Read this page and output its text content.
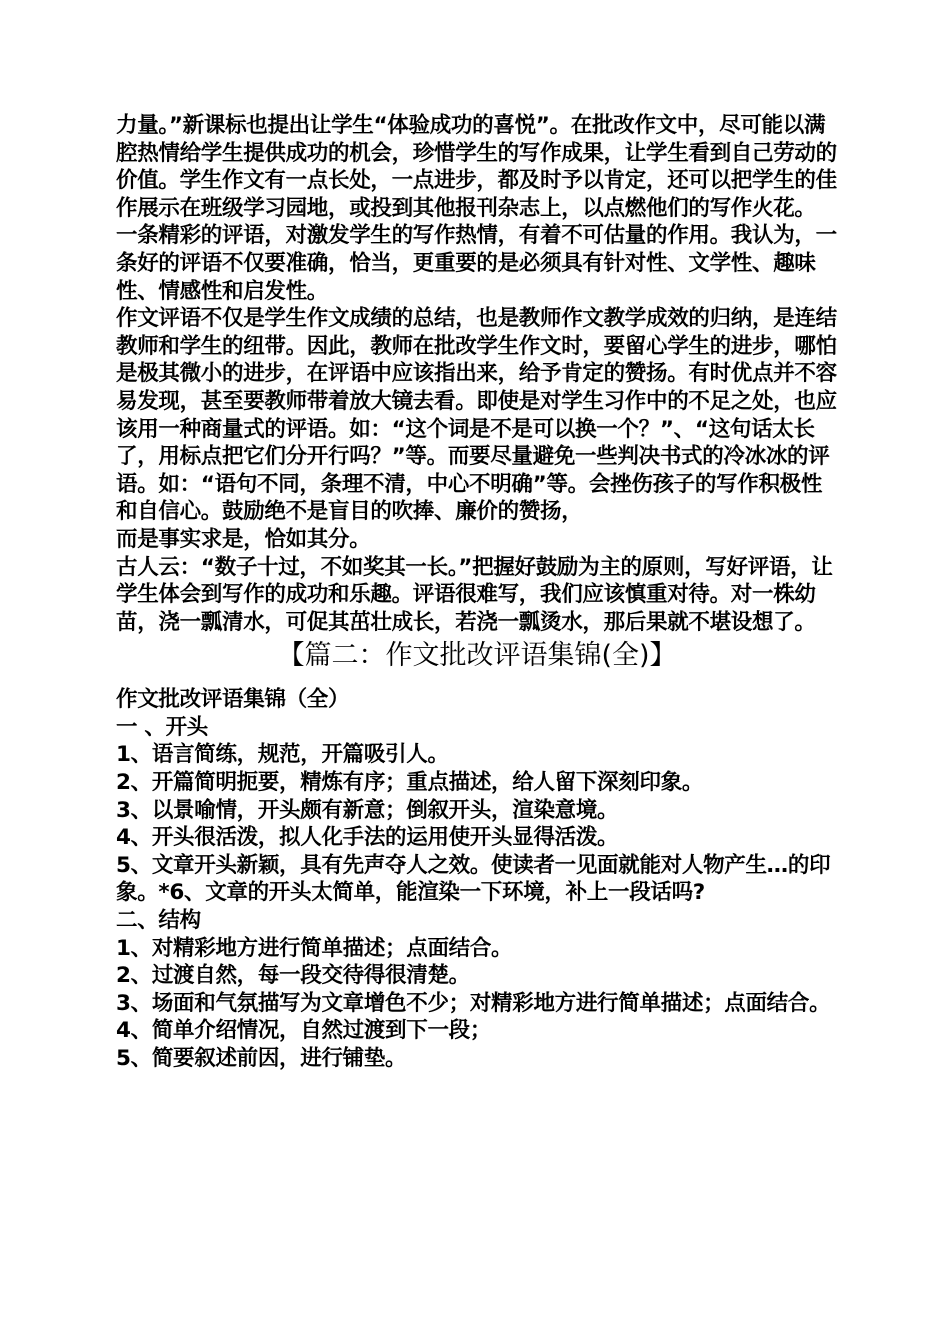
力量。”新课标也提出让学生“体验成功的喜悦”。在批改作文中，尽可能以满腔热情给学生提供成功的机会，珍惜学生的写作成果，让学生看到自己劳动的价值。学生作文有一点长处，一点进步，都及时予以肯定，还可以把学生的佳作展示在班级学习园地，或投到其他报刊杂志上，以点燃他们的写作火花。

一条精彩的评语，对激发学生的写作热情，有着不可估量的作用。我认为，一条好的评语不仅要准确，恰当，更重要的是必须具有针对性、文学性、趣味性、情感性和启发性。

作文评语不仅是学生作文成绩的总结，也是教师作文教学成效的归纳，是连结教师和学生的纽带。因此，教师在批改学生作文时，要留心学生的进步，哪怕是极其微小的进步，在评语中应该指出来，给予肯定的赞扬。有时优点并不容易发现，甚至要教师带着放大镜去看。即使是对学生习作中的不足之处，也应该用一种商量式的评语。如：“这个词是不是可以换一个？”、“这句话太长了，用标点把它们分开行吗？”等。而要尽量避免一些判决书式的冷冰冰的评语。如：“语句不同，条理不清，中心不明确”等。会挫伤孩子的写作积极性和自信心。鼓励绝不是盲目的吹捧、廉价的赞扬，

而是事实求是，恰如其分。

古人云：“数子十过，不如奖其一长。”把握好鼓励为主的原则，写好评语，让学生体会到写作的成功和乐趣。评语很难写，我们应该慎重对待。对一株幼苗，浇一瓢清水，可促其茁壮成长，若浇一瓢烫水，那后果就不堪设想了。

【篇二：作文批改评语集锦(全)】

作文批改评语集锦（全）

一 、开头

1、语言简练，规范，开篇吸引人。

2、开篇简明扼要，精炼有序；重点描述，给人留下深刻印象。

3、以景喻情，开头颇有新意；倒叙开头，渲染意境。

4、开头很活泼，拟人化手法的运用使开头显得活泼。

5、文章开头新颖，具有先声夺人之效。使读者一见面就能对人物产生…的印象。*6、文章的开头太简单，能渲染一下环境，补上一段话吗?

二、结构

1、对精彩地方进行简单描述；点面结合。

2、过渡自然，每一段交待得很清楚。

3、场面和气氛描写为文章增色不少；对精彩地方进行简单描述；点面结合。

4、简单介绍情况，自然过渡到下一段；

5、简要叙述前因，进行铺垫。
